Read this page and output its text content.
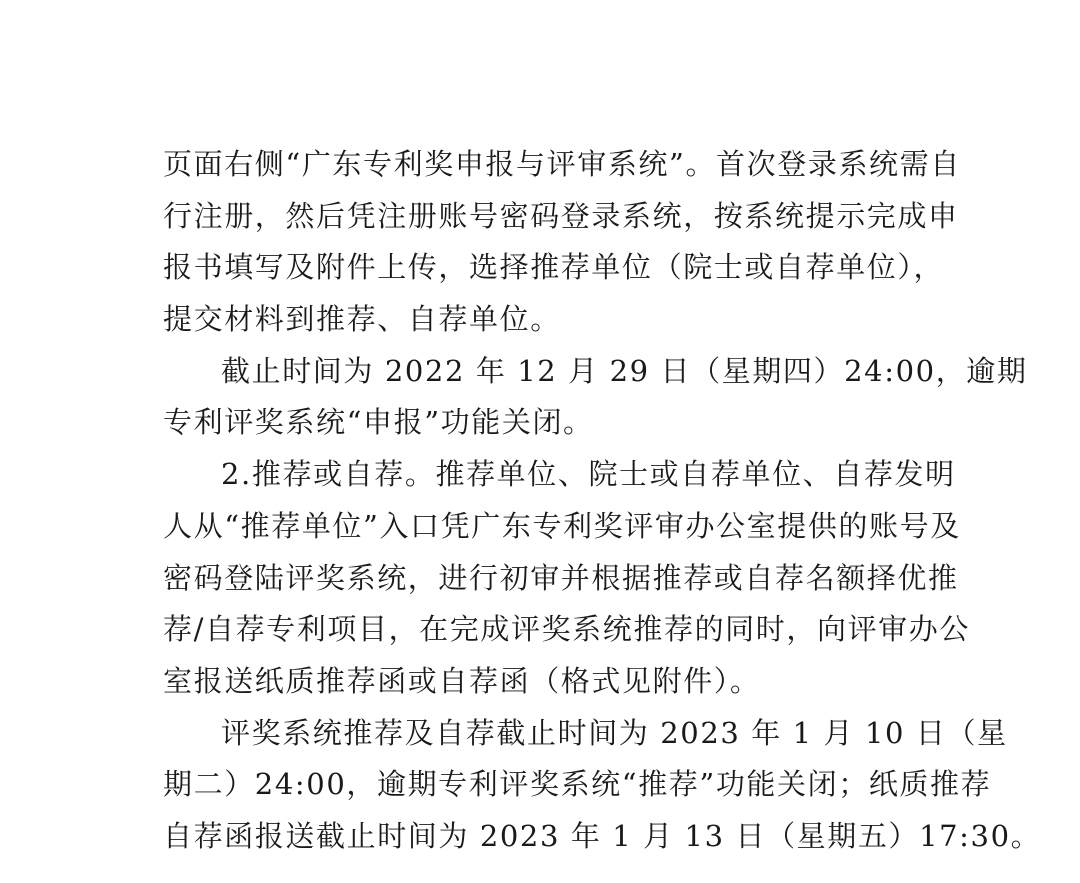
页面右侧“广东专利奖申报与评审系统”。首次登录系统需自
行注册，然后凭注册账号密码登录系统，按系统提示完成申
报书填写及附件上传，选择推荐单位（院士或自荐单位），
提交材料到推荐、自荐单位。
截止时间为 2022 年 12 月 29 日（星期四）24:00，逾期
专利评奖系统“申报”功能关闭。
2.推荐或自荐。推荐单位、院士或自荐单位、自荐发明
人从“推荐单位”入口凭广东专利奖评审办公室提供的账号及
密码登陆评奖系统，进行初审并根据推荐或自荐名额择优推
荐/自荐专利项目，在完成评奖系统推荐的同时，向评审办公
室报送纸质推荐函或自荐函（格式见附件）。
评奖系统推荐及自荐截止时间为 2023 年 1 月 10 日（星
期二）24:00，逾期专利评奖系统“推荐”功能关闭；纸质推荐
自荐函报送截止时间为 2023 年 1 月 13 日（星期五）17:30。
